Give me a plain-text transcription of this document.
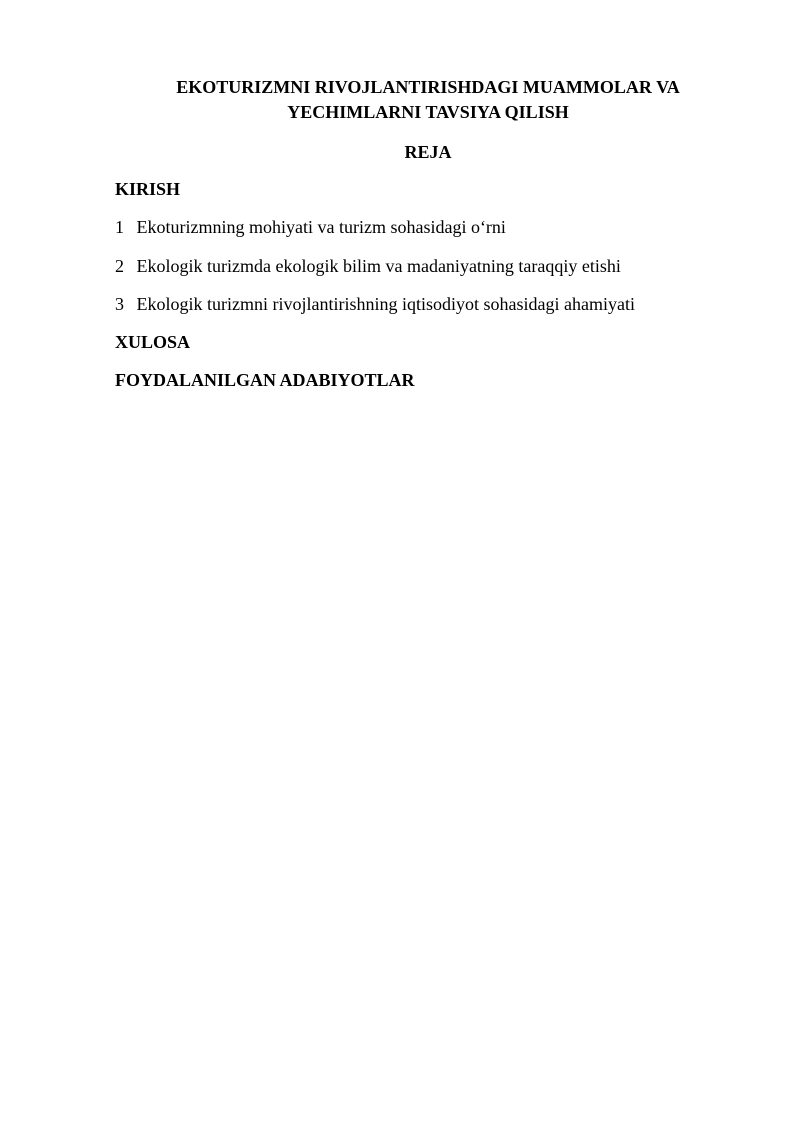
EKOTURIZMNI RIVOJLANTIRISHDAGI MUAMMOLAR VA
YECHIMLARNI TAVSIYA QILISH
REJA
KIRISH
1 Ekoturizmning mohiyati va turizm sohasidagi o‘rni
2 Ekologik turizmda ekologik bilim va madaniyatning taraqqiy etishi
3 Ekologik turizmni rivojlantirishning iqtisodiyot sohasidagi ahamiyati
XULOSA
FOYDALANILGAN ADABIYOTLAR
